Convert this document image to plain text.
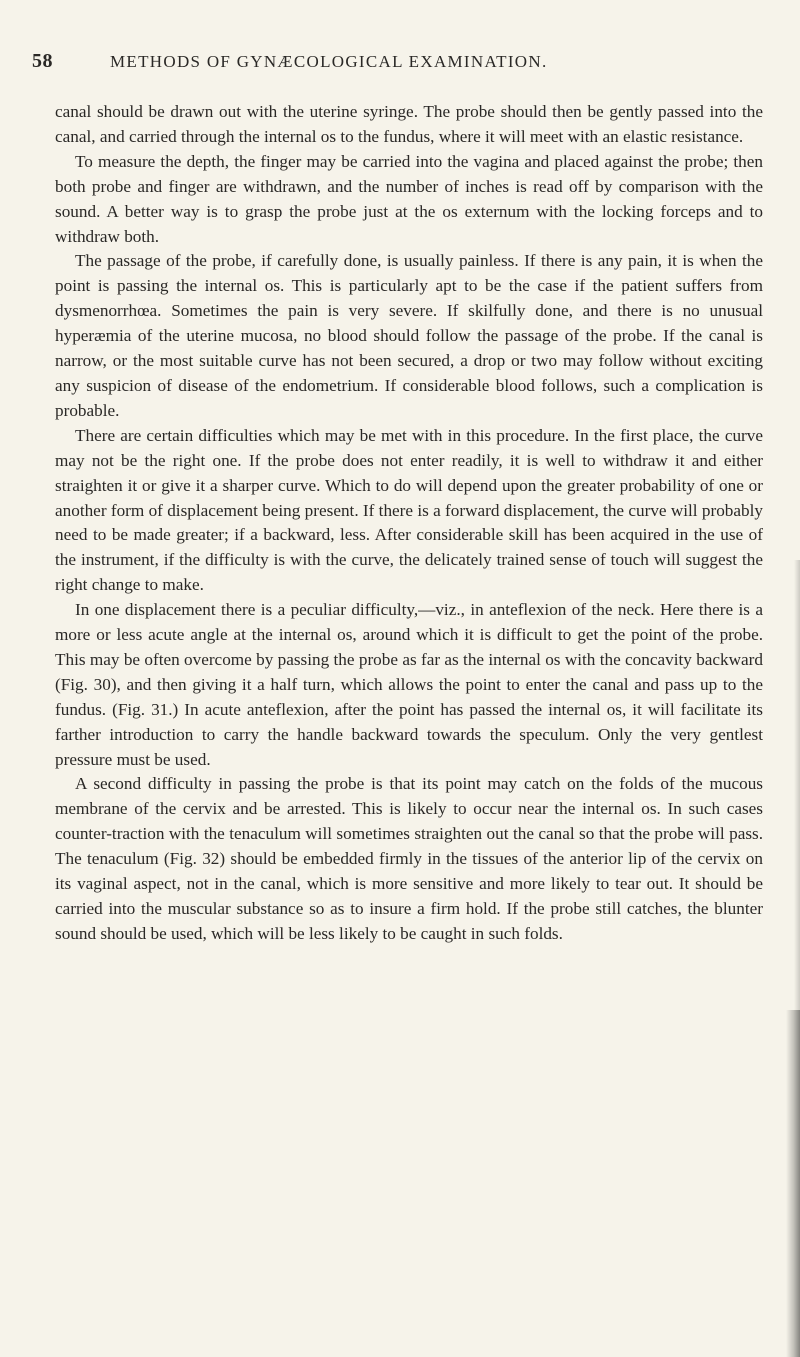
58	METHODS OF GYNÆCOLOGICAL EXAMINATION.

canal should be drawn out with the uterine syringe. The probe should then be gently passed into the canal, and carried through the internal os to the fundus, where it will meet with an elastic resistance.

To measure the depth, the finger may be carried into the vagina and placed against the probe; then both probe and finger are withdrawn, and the number of inches is read off by comparison with the sound. A better way is to grasp the probe just at the os externum with the locking forceps and to withdraw both.

The passage of the probe, if carefully done, is usually painless. If there is any pain, it is when the point is passing the internal os. This is particularly apt to be the case if the patient suffers from dysmenorrhœa. Sometimes the pain is very severe. If skilfully done, and there is no unusual hyperæmia of the uterine mucosa, no blood should follow the passage of the probe. If the canal is narrow, or the most suitable curve has not been secured, a drop or two may follow without exciting any suspicion of disease of the endometrium. If considerable blood follows, such a complication is probable.

There are certain difficulties which may be met with in this procedure. In the first place, the curve may not be the right one. If the probe does not enter readily, it is well to withdraw it and either straighten it or give it a sharper curve. Which to do will depend upon the greater probability of one or another form of displacement being present. If there is a forward displacement, the curve will probably need to be made greater; if a backward, less. After considerable skill has been acquired in the use of the instrument, if the difficulty is with the curve, the delicately trained sense of touch will suggest the right change to make.

In one displacement there is a peculiar difficulty,—viz., in anteflexion of the neck. Here there is a more or less acute angle at the internal os, around which it is difficult to get the point of the probe. This may be often overcome by passing the probe as far as the internal os with the concavity backward (Fig. 30), and then giving it a half turn, which allows the point to enter the canal and pass up to the fundus. (Fig. 31.) In acute anteflexion, after the point has passed the internal os, it will facilitate its farther introduction to carry the handle backward towards the speculum. Only the very gentlest pressure must be used.

A second difficulty in passing the probe is that its point may catch on the folds of the mucous membrane of the cervix and be arrested. This is likely to occur near the internal os. In such cases counter-traction with the tenaculum will sometimes straighten out the canal so that the probe will pass. The tenaculum (Fig. 32) should be embedded firmly in the tissues of the anterior lip of the cervix on its vaginal aspect, not in the canal, which is more sensitive and more likely to tear out. It should be carried into the muscular substance so as to insure a firm hold. If the probe still catches, the blunter sound should be used, which will be less likely to be caught in such folds.
